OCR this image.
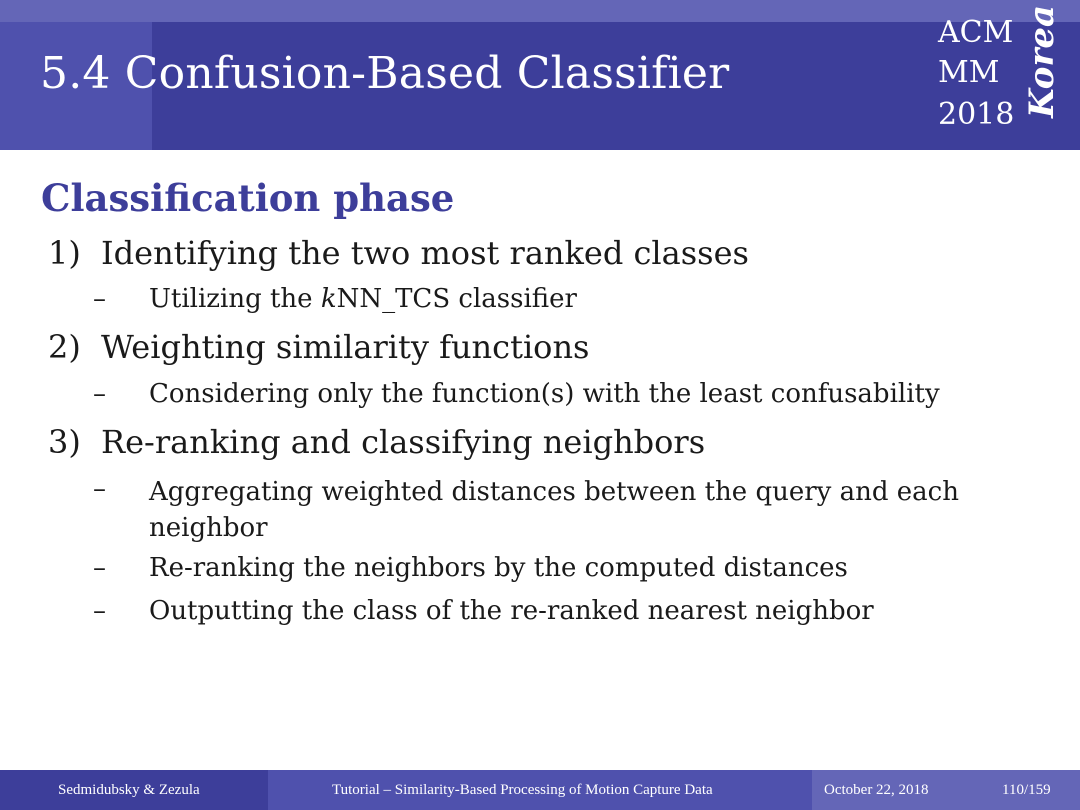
5.4 Confusion-Based Classifier
ACM
MM
2018 Korea
Classification phase
1) Identifying the two most ranked classes
– Utilizing the kNN_TCS classifier
2) Weighting similarity functions
– Considering only the function(s) with the least confusability
3) Re-ranking and classifying neighbors
– Aggregating weighted distances between the query and each neighbor
– Re-ranking the neighbors by the computed distances
– Outputting the class of the re-ranked nearest neighbor
Sedmidubsky & Zezula	Tutorial – Similarity-Based Processing of Motion Capture Data	October 22, 2018	110/159
